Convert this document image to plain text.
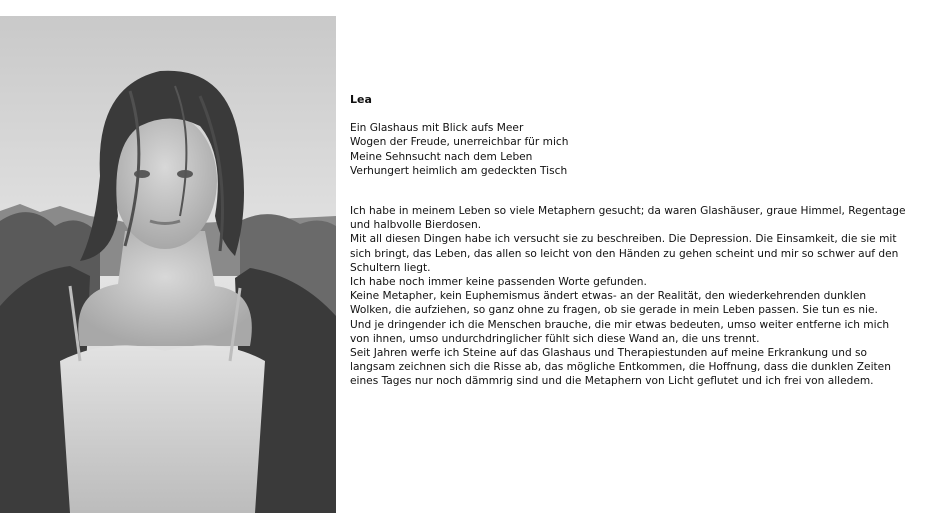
Lea
Ein Glashaus mit Blick aufs Meer
Wogen der Freude, unerreichbar für mich
Meine Sehnsucht nach dem Leben
Verhungert heimlich am gedeckten Tisch
Ich habe in meinem Leben so viele Metaphern gesucht; da waren Glashäuser, graue Himmel, Regentage und halbvolle Bierdosen.
Mit all diesen Dingen habe ich versucht sie zu beschreiben. Die Depression. Die Einsamkeit, die sie mit sich bringt, das Leben, das allen so leicht von den Händen zu gehen scheint und mir so schwer auf den Schultern liegt.
Ich habe noch immer keine passenden Worte gefunden.
Keine Metapher, kein Euphemismus ändert etwas- an der Realität, den wiederkehrenden dunklen Wolken, die aufziehen, so ganz ohne zu fragen, ob sie gerade in mein Leben passen. Sie tun es nie.
Und je dringender ich die Menschen brauche, die mir etwas bedeuten, umso weiter entferne ich mich von ihnen, umso undurchdringlicher fühlt sich diese Wand an, die uns trennt.
Seit Jahren werfe ich Steine auf das Glashaus und Therapiestunden auf meine Erkrankung und so langsam zeichnen sich die Risse ab, das mögliche Entkommen, die Hoffnung, dass die dunklen Zeiten eines Tages nur noch dämmrig sind und die Metaphern von Licht geflutet und ich frei von alledem.
